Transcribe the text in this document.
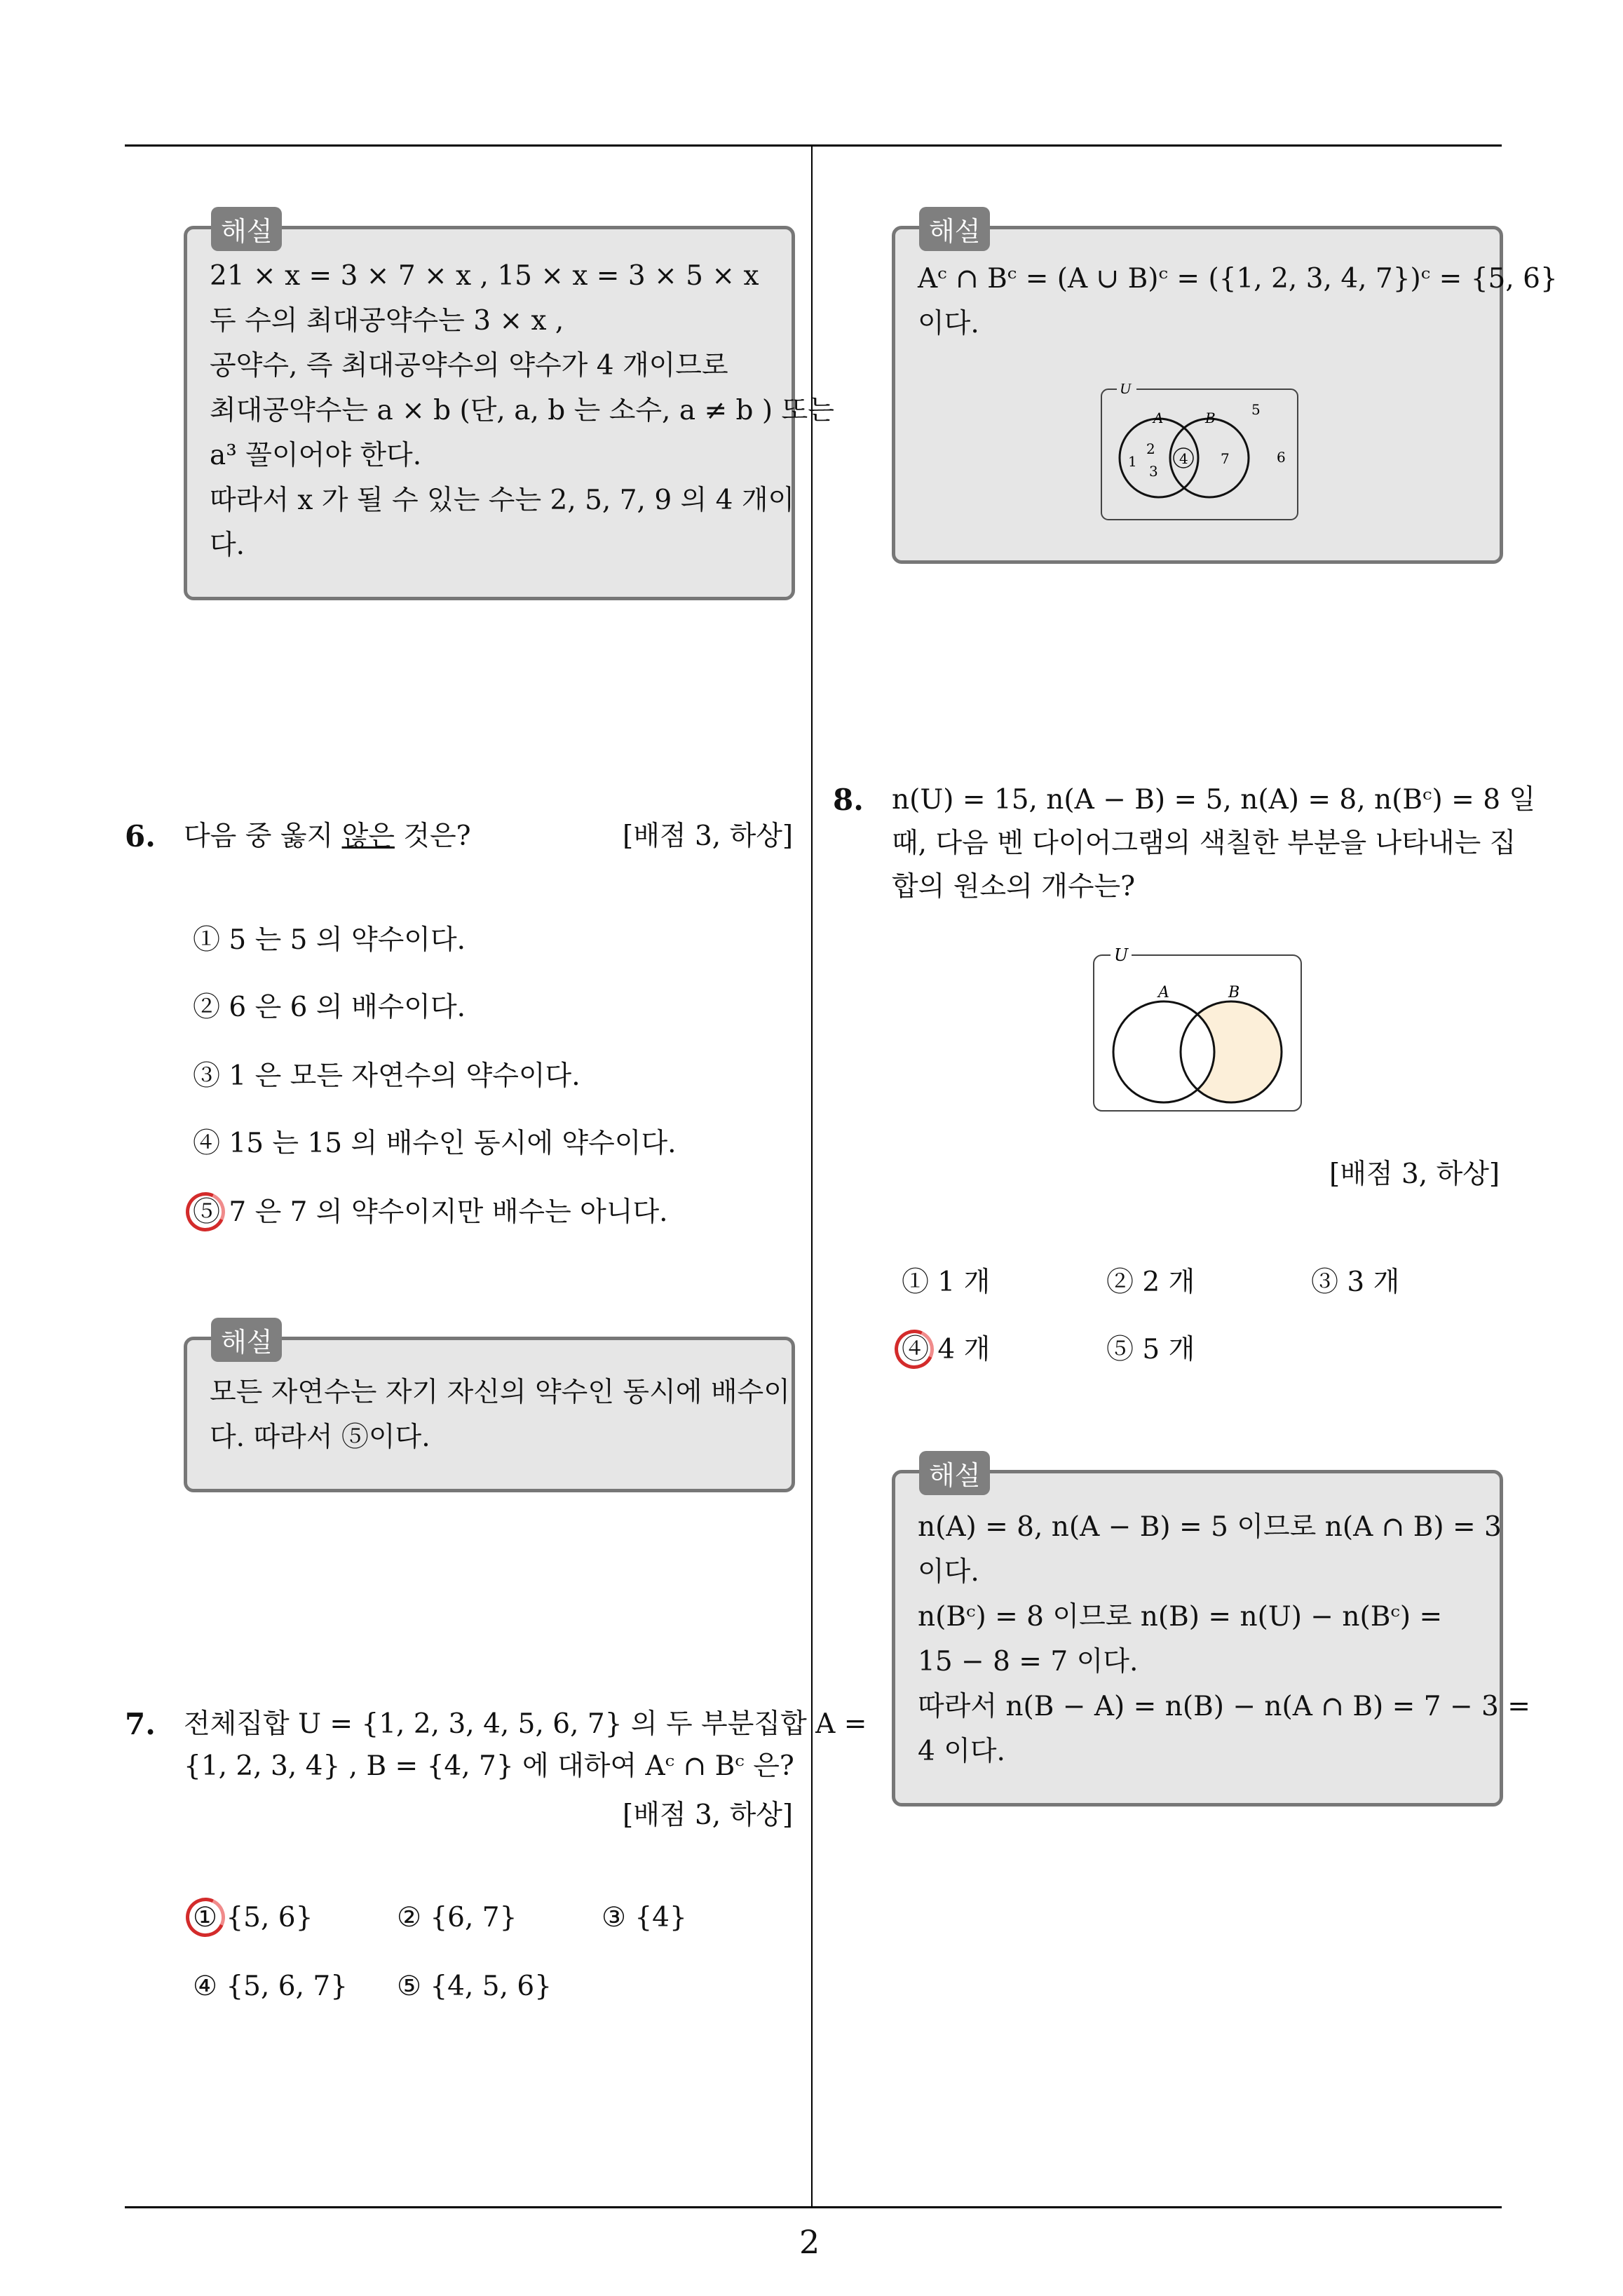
2
해설
21 × x = 3 × 7 × x , 15 × x = 3 × 5 × x
두 수의 최대공약수는 3 × x ,
공약수, 즉 최대공약수의 약수가 4 개이므로
최대공약수는 a × b (단, a, b 는 소수, a ≠ b ) 또는
a³ 꼴이어야 한다.
따라서 x 가 될 수 있는 수는 2, 5, 7, 9 의 4 개이
다.
6. 다음 중 옳지 않은 것은?	[배점 3, 하상]
① 5 는 5 의 약수이다.
② 6 은 6 의 배수이다.
③ 1 은 모든 자연수의 약수이다.
④ 15 는 15 의 배수인 동시에 약수이다.
⑤ 7 은 7 의 약수이지만 배수는 아니다.
해설
모든 자연수는 자기 자신의 약수인 동시에 배수이
다. 따라서 ⑤이다.
7. 전체집합 U = {1, 2, 3, 4, 5, 6, 7} 의 두 부분집합 A =
{1, 2, 3, 4} , B = {4, 7} 에 대하여 Aᶜ ∩ Bᶜ 은?
[배점 3, 하상]
① {5, 6}	② {6, 7}	③ {4}
④ {5, 6, 7} ⑤ {4, 5, 6}
해설
Aᶜ ∩ Bᶜ = (A ∪ B)ᶜ = ({1, 2, 3, 4, 7})ᶜ = {5, 6}
이다.
U
A	B
1
2
3
4 7
5
6
8. n(U) = 15, n(A − B) = 5, n(A) = 8, n(Bᶜ) = 8 일
때, 다음 벤 다이어그램의 색칠한 부분을 나타내는 집
합의 원소의 개수는?
U
A	B
[배점 3, 하상]
① 1 개	② 2 개	③ 3 개
④ 4 개	⑤ 5 개
해설
n(A) = 8, n(A − B) = 5 이므로 n(A ∩ B) = 3
이다.
n(Bᶜ) = 8 이므로 n(B) = n(U) − n(Bᶜ) =
15 − 8 = 7 이다.
따라서 n(B − A) = n(B) − n(A ∩ B) = 7 − 3 =
4 이다.
